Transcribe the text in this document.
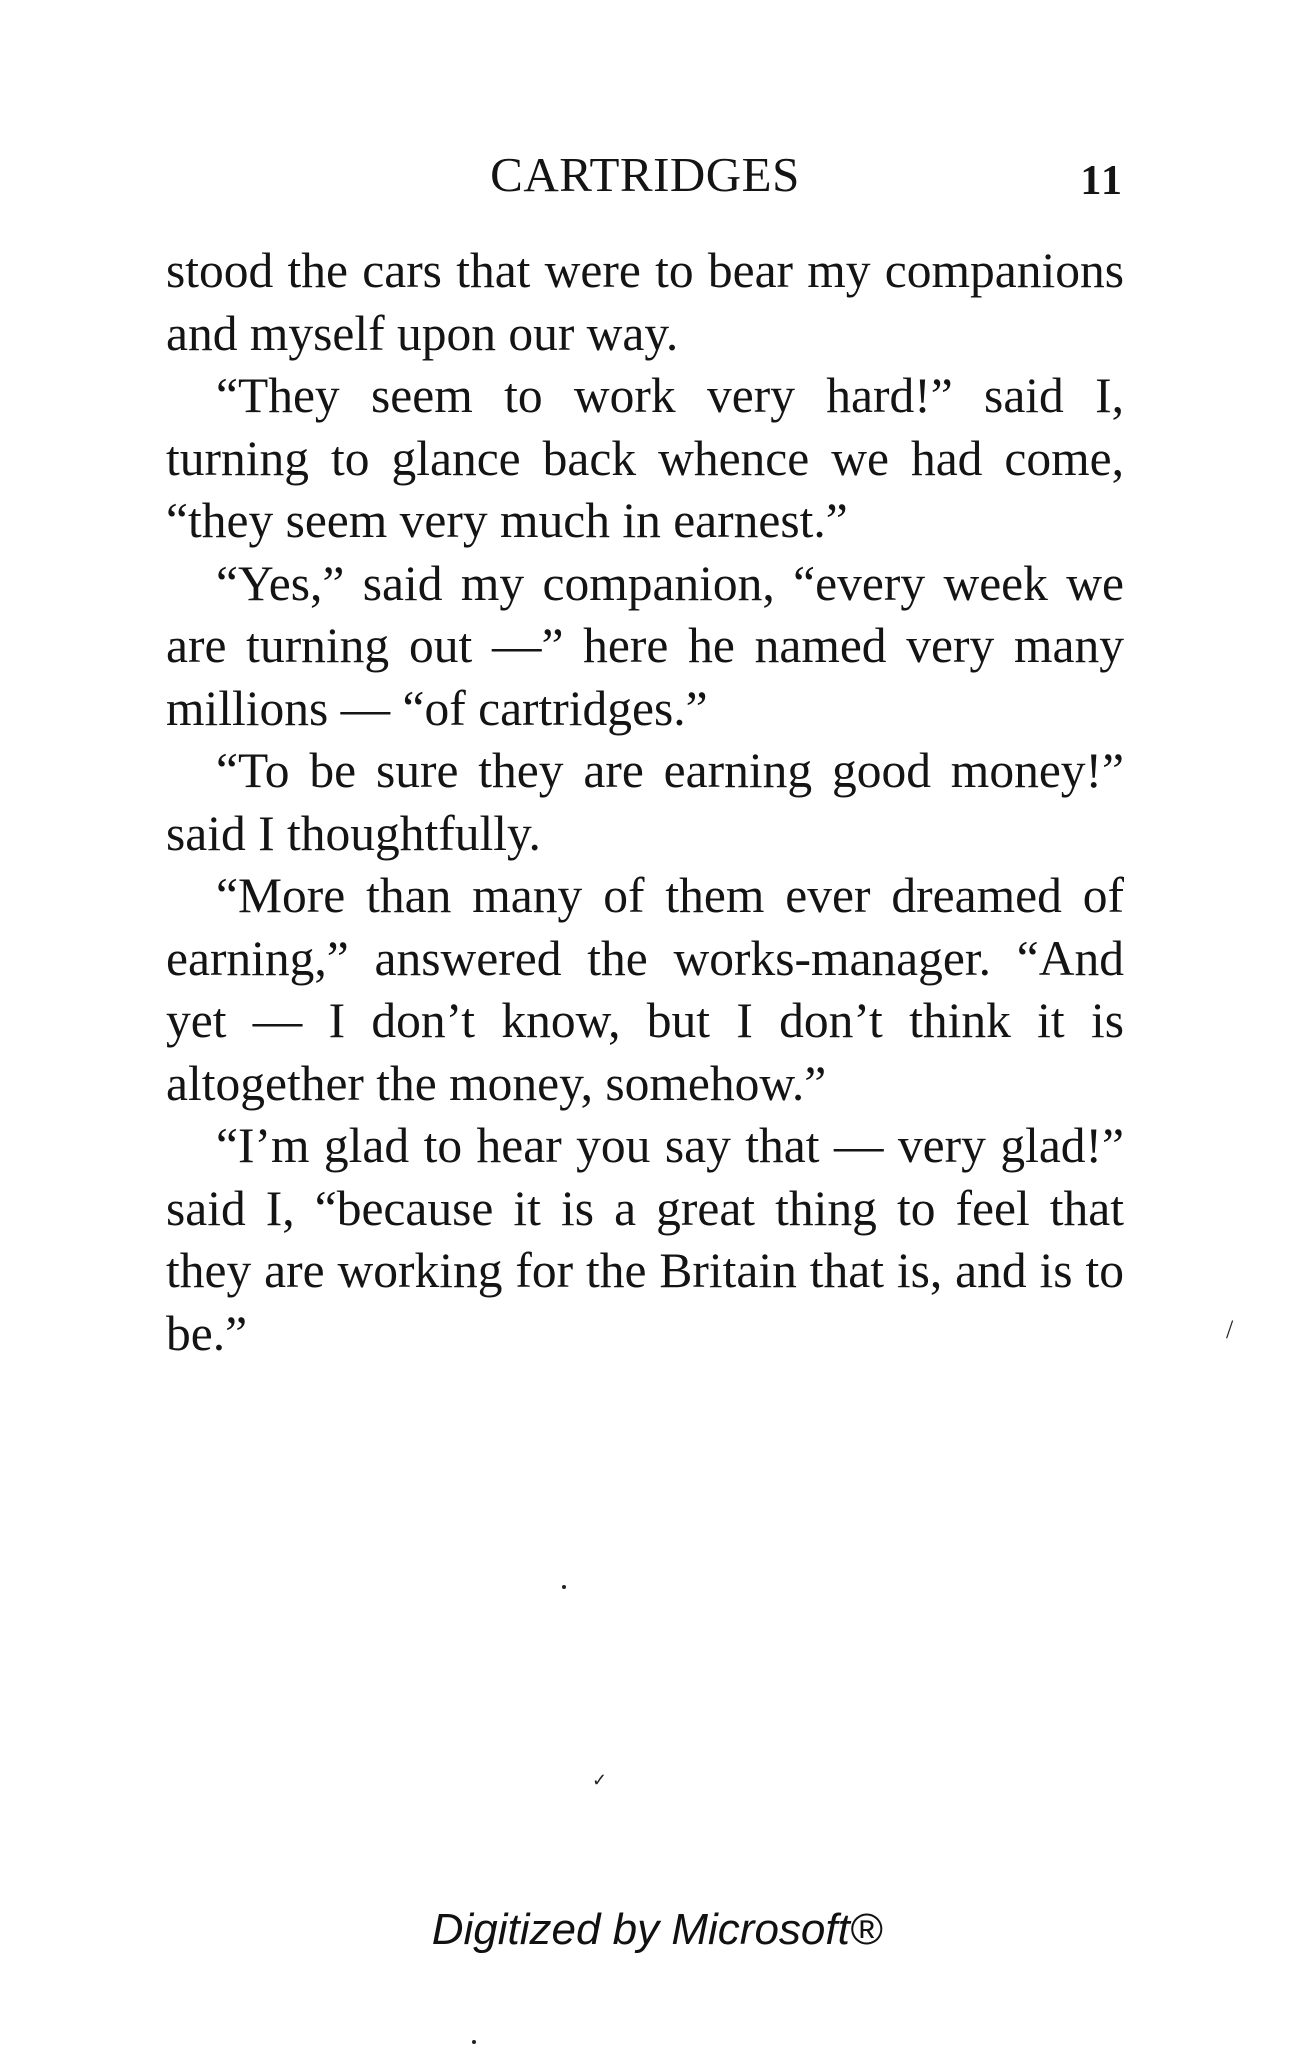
CARTRIDGES	11

stood the cars that were to bear my companions and myself upon our way.

“They seem to work very hard!” said I, turning to glance back whence we had come, “they seem very much in earnest.”

“Yes,” said my companion, “every week we are turning out —” here he named very many millions — “of cartridges.”

“To be sure they are earning good money!” said I thoughtfully.

“More than many of them ever dreamed of earning,” answered the works-manager. “And yet — I don’t know, but I don’t think it is altogether the money, somehow.”

“I’m glad to hear you say that — very glad!” said I, “because it is a great thing to feel that they are working for the Britain that is, and is to be.”	/
✓
Digitized by Microsoft®
